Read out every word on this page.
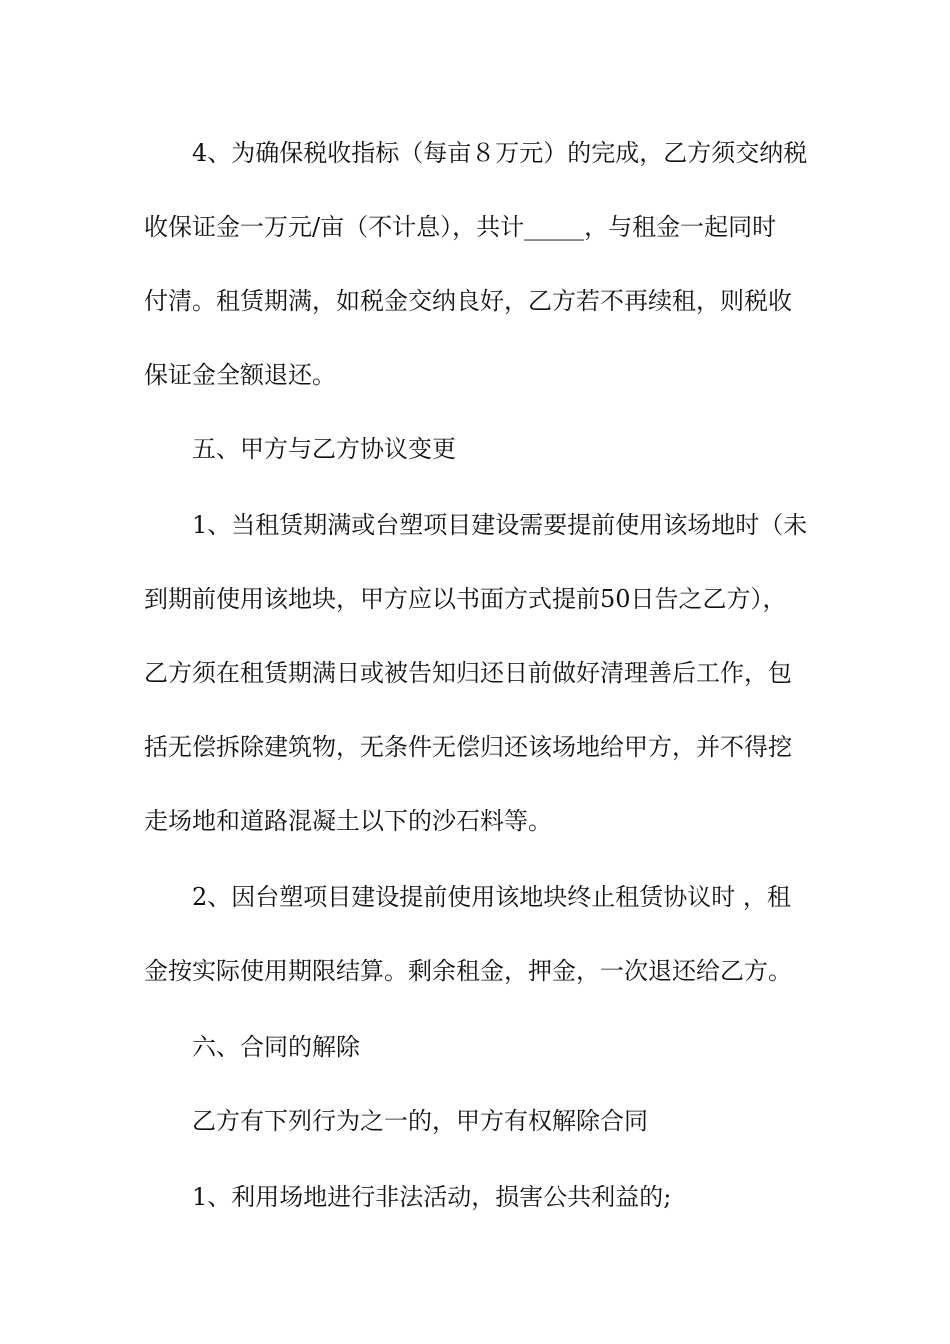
4、为确保税收指标（每亩８万元）的完成，乙方须交纳税
收保证金一万元/亩（不计息），共计_____，与租金一起同时
付清。租赁期满，如税金交纳良好，乙方若不再续租，则税收
保证金全额退还。
五、甲方与乙方协议变更
1、当租赁期满或台塑项目建设需要提前使用该场地时（未
到期前使用该地块，甲方应以书面方式提前50日告之乙方），
乙方须在租赁期满日或被告知归还日前做好清理善后工作，包
括无偿拆除建筑物，无条件无偿归还该场地给甲方，并不得挖
走场地和道路混凝土以下的沙石料等。
2、因台塑项目建设提前使用该地块终止租赁协议时 ，租
金按实际使用期限结算。剩余租金，押金，一次退还给乙方。
六、合同的解除
乙方有下列行为之一的，甲方有权解除合同
1、利用场地进行非法活动，损害公共利益的;
